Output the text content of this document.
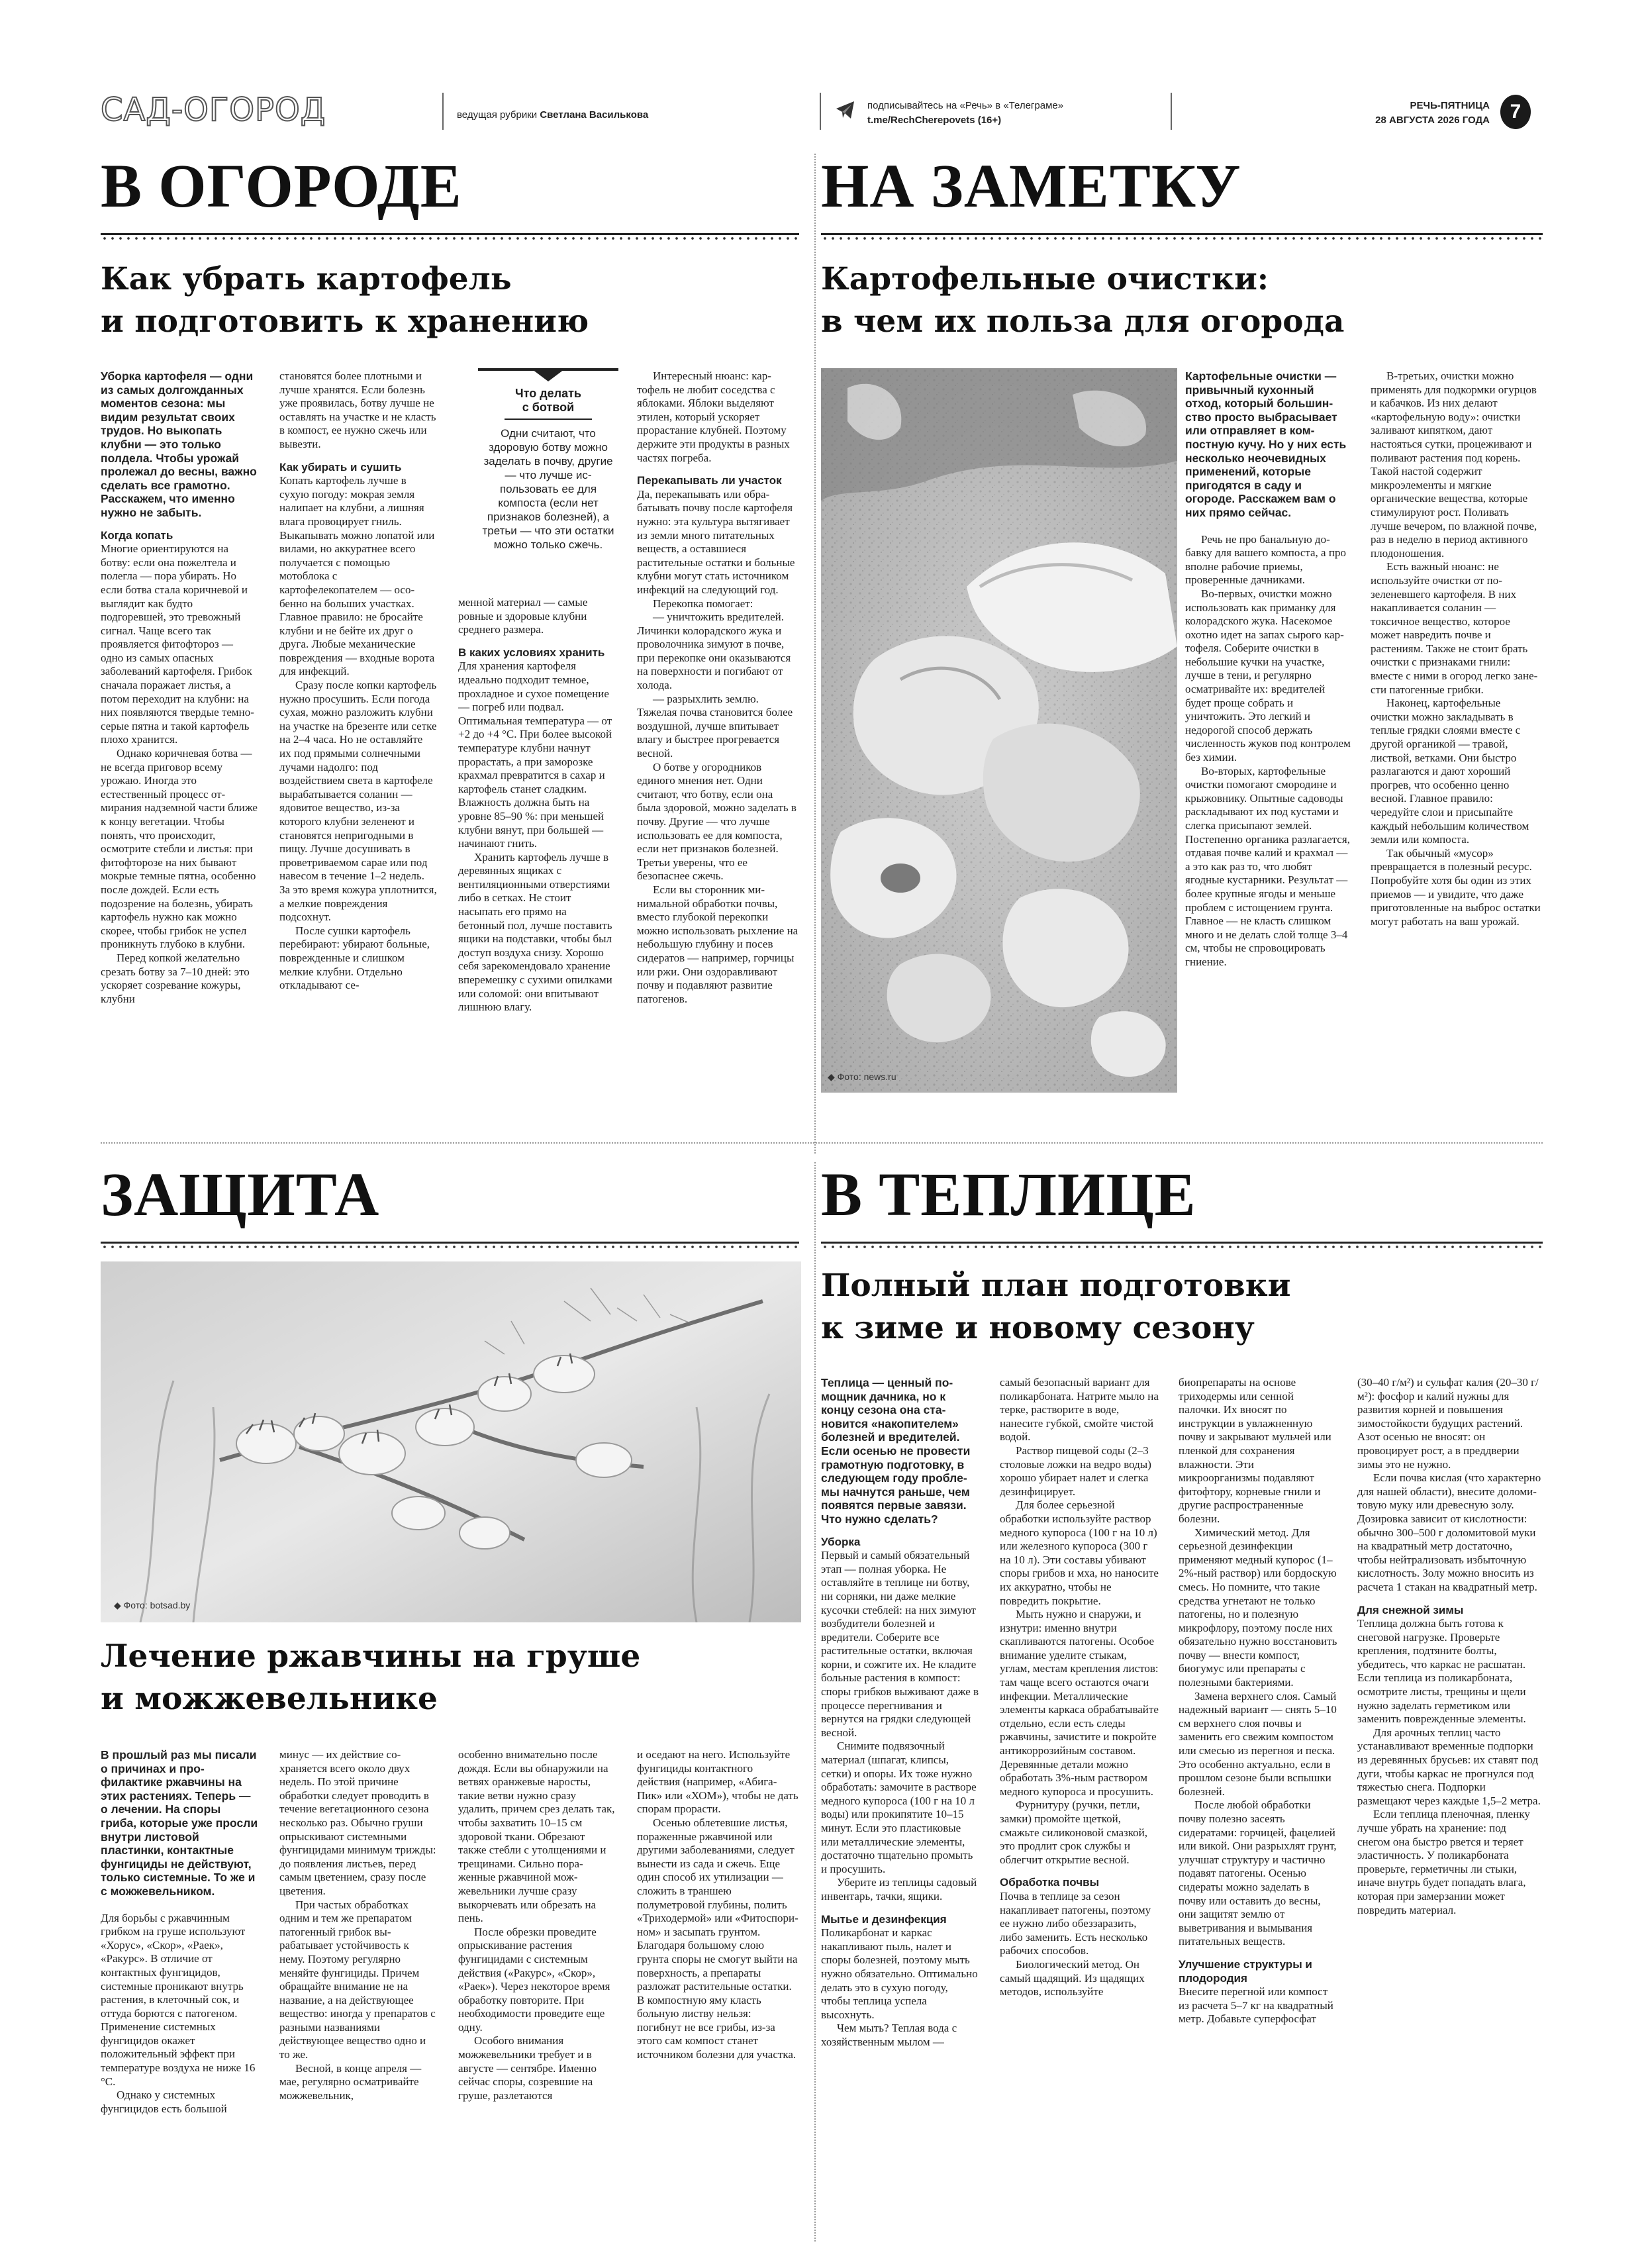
САД-ОГОРОД	ведущая рубрики Светлана Василькова
подписывайтесь на «Речь» в «Телеграме»
t.me/RechCherepovets (16+)
РЕЧЬ-ПЯТНИЦА
28 АВГУСТА 2026 ГОДА	7
В ОГОРОДЕ
Как убрать картофель
и подготовить к хранению

Уборка картофеля — одни из самых долгожданных моментов сезона: мы видим результат своих трудов. Но выкопать клубни — это только полдела. Чтобы урожай пролежал до весны, важно сделать все грамотно. Расскажем, что именно нужно не забыть.

Когда копать

Многие ориентируются на ботву: если она пожелтела и полегла — пора убирать. Но если ботва стала коричневой и выглядит как будто подгоревшей, это тревожный сигнал. Чаще всего так проявляется фитофтороз — одно из самых опасных заболеваний картофеля. Грибок сначала поражает листья, а потом переходит на клубни: на них появляются твердые темно-серые пятна и такой картофель плохо хранится.

Однако коричневая ботва — не всегда приговор всему урожаю. Иногда это естественный процесс отмирания надземной части ближе к концу вегетации. Чтобы понять, что происходит, осмотрите стебли и листья: при фитофторозе на них бывают мокрые темные пятна, особенно после дождей. Если есть подозрение на болезнь, убирать картофель нужно как можно скорее, чтобы грибок не успел проникнуть глубоко в клубни.

Перед копкой желательно срезать ботву за 7–10 дней: это ускоряет созревание кожуры, клубни

становятся более плотными и лучше хранятся. Если болезнь уже проявилась, ботву лучше не оставлять на участке и не класть в компост, ее нужно сжечь или вывезти.

Как убирать и сушить

Копать картофель лучше в сухую погоду: мокрая земля налипает на клубни, а лишняя влага провоцирует гниль. Выкапывать можно лопатой или вилами, но аккуратнее всего получается с помощью мотоблока с картофелекопателем — особенно на больших участках. Главное правило: не бросайте клубни и не бейте их друг о друга. Любые механические повреждения — входные ворота для инфекций.

Сразу после копки картофель нужно просушить. Если погода сухая, можно разложить клубни на участке на брезенте или сетке на 2–4 часа. Но не оставляйте их под прямыми солнечными лучами надолго: под воздействием света в картофеле вырабатывается соланин — ядовитое вещество, из-за которого клубни зеленеют и становятся непригодными в пищу. Лучше досушивать в проветриваемом сарае или под навесом в течение 1–2 недель. За это время кожура уплотнится, а мелкие повреждения подсохнут.

После сушки картофель перебирают: убирают больные, поврежденные и слишком мелкие клубни. Отдельно откладывают се-

Что делать
с ботвой
Одни считают, что здоровую ботву можно заделать в почву, другие — что лучше использовать ее для компоста (если нет признаков болезней), а третьи — что эти остатки можно только сжечь.

менной материал — самые ровные и здоровые клубни среднего размера.

В каких условиях хранить

Для хранения картофеля идеально подходит темное, прохладное и сухое помещение — погреб или подвал. Оптимальная температура — от +2 до +4 °С. При более высокой температуре клубни начнут прорастать, а при заморозке крахмал превратится в сахар и картофель станет сладким. Влажность должна быть на уровне 85–90 %: при меньшей клубни вянут, при большей — начинают гнить.

Хранить картофель лучше в деревянных ящиках с вентиляционными отверстиями либо в сетках. Не стоит насыпать его прямо на бетонный пол, лучше поставить ящики на подставки, чтобы был доступ воздуха снизу. Хорошо себя зарекомендовало хранение вперемешку с сухими опилками или соломой: они впитывают лишнюю влагу.

Интересный нюанс: картофель не любит соседства с яблоками. Яблоки выделяют этилен, который ускоряет прорастание клубней. Поэтому держите эти продукты в разных частях погреба.

Перекапывать ли участок

Да, перекапывать или обрабатывать почву после картофеля нужно: эта культура вытягивает из земли много питательных веществ, а оставшиеся растительные остатки и больные клубни могут стать источником инфекций на следующий год.

Перекопка помогает:

— уничтожить вредителей. Личинки колорадского жука и проволочника зимуют в почве, при перекопке они оказываются на поверхности и погибают от холода.

— разрыхлить землю. Тяжелая почва становится более воздушной, лучше впитывает влагу и быстрее прогревается весной.

О ботве у огородников единого мнения нет. Одни считают, что ботву, если она была здоровой, можно заделать в почву. Другие — что лучше использовать ее для компоста, если нет признаков болезней. Третьи уверены, что ее безопаснее сжечь.

Если вы сторонник минимальной обработки почвы, вместо глубокой перекопки можно использовать рыхление на небольшую глубину и посев сидератов — например, горчицы или ржи. Они оздоравливают почву и подавляют развитие патогенов.

НА ЗАМЕТКУ
Картофельные очистки:
в чем их польза для огорода
◆ Фото: news.ru

Картофельные очистки — привычный кухонный отход, который большинство просто выбрасывает или отправляет в компостную кучу. Но у них есть несколько неочевидных применений, которые пригодятся в саду и огороде. Расскажем вам о них прямо сейчас.

Речь не про банальную добавку для вашего компоста, а про вполне рабочие приемы, проверенные дачниками.

Во-первых, очистки можно использовать как приманку для колорадского жука. Насекомое охотно идет на запах сырого картофеля. Соберите очистки в небольшие кучки на участке, лучше в тени, и регулярно осматривайте их: вредителей будет проще собрать и уничтожить. Это легкий и недорогой способ держать численность жуков под контролем без химии.

Во-вторых, картофельные очистки помогают смородине и крыжовнику. Опытные садоводы раскладывают их под кустами и слегка присыпают землей. Постепенно органика разлагается, отдавая почве калий и крахмал — а это как раз то, что любят ягодные кустарники. Результат — более крупные ягоды и меньше проблем с истощением грунта. Главное — не класть слишком много и не делать слой толще 3–4 см, чтобы не спровоцировать гниение.

В-третьих, очистки можно применять для подкормки огурцов и кабачков. Из них делают «картофельную воду»: очистки заливают кипятком, дают настояться сутки, процеживают и поливают растения под корень. Такой настой содержит микроэлементы и мягкие органические вещества, которые стимулируют рост. Поливать лучше вечером, по влажной почве, раз в неделю в период активного плодоношения.

Есть важный нюанс: не используйте очистки от позеленевшего картофеля. В них накапливается соланин — токсичное вещество, которое может навредить почве и растениям. Также не стоит брать очистки с признаками гнили: вместе с ними в огород легко занести патогенные грибки.

Наконец, картофельные очистки можно закладывать в теплые грядки слоями вместе с другой органикой — травой, листвой, ветками. Они быстро разлагаются и дают хороший прогрев, что особенно ценно весной. Главное правило: чередуйте слои и присыпайте каждый небольшим количеством земли или компоста.

Так обычный «мусор» превращается в полезный ресурс. Попробуйте хотя бы один из этих приемов — и увидите, что даже приготовленные на выброс остатки могут работать на ваш урожай.

ЗАЩИТА
◆ Фото: botsad.by
Лечение ржавчины на груше
и можжевельнике

В прошлый раз мы писали о причинах и профилактике ржавчины на этих растениях. Теперь — о лечении. На споры гриба, которые уже просли внутри листовой пластинки, контактные фунгициды не действуют, только системные. То же и с можжевельником.

Для борьбы с ржавчинным грибком на груше используют «Хорус», «Скор», «Раек», «Ракурс». В отличие от контактных фунгицидов, системные проникают внутрь растения, в клеточный сок, и оттуда борются с патогеном. Применение системных фунгицидов окажет положительный эффект при температуре воздуха не ниже 16 °С.

Однако у системных фунгицидов есть большой

минус — их действие сохраняется всего около двух недель. По этой причине обработки следует проводить в течение вегетационного сезона несколько раз. Обычно груши опрыскивают системными фунгицидами минимум трижды: до появления листьев, перед самым цветением, сразу после цветения.

При частых обработках одним и тем же препаратом патогенный грибок вырабатывает устойчивость к нему. Поэтому регулярно меняйте фунгициды. Причем обращайте внимание не на название, а на действующее вещество: иногда у препаратов с разными названиями действующее вещество одно и то же.

Весной, в конце апреля — мае, регулярно осматривайте можжевельник,

особенно внимательно после дождя. Если вы обнаружили на ветвях оранжевые наросты, такие ветви нужно сразу удалить, причем срез делать так, чтобы захватить 10–15 см здоровой ткани. Обрезают также стебли с утолщениями и трещинами. Сильно пораженные ржавчиной можжевельники лучше сразу выкорчевать или обрезать на пень.

После обрезки проведите опрыскивание растения фунгицидами с системным действия («Ракурс», «Скор», «Раек»). Через некоторое время обработку повторите. При необходимости проведите еще одну.

Особого внимания можжевельники требует и в августе — сентябре. Именно сейчас споры, созревшие на груше, разлетаются

и оседают на него. Используйте фунгициды контактного действия (например, «Абига-Пик» или «ХОМ»), чтобы не дать спорам прорасти.

Осенью облетевшие листья, пораженные ржавчиной или другими заболеваниями, следует вынести из сада и сжечь. Еще один способ их утилизации — сложить в траншею полуметровой глубины, полить «Триходермой» или «Фитоспорином» и засыпать грунтом. Благодаря большому слою грунта споры не смогут выйти на поверхность, а препараты разложат растительные остатки. В компостную яму класть больную листву нельзя: погибнут не все грибы, из-за этого сам компост станет источником болезни для участка.

В ТЕПЛИЦЕ
Полный план подготовки
к зиме и новому сезону

Теплица — ценный помощник дачника, но к концу сезона она становится «накопителем» болезней и вредителей. Если осенью не провести грамотную подготовку, в следующем году проблемы начнутся раньше, чем появятся первые завязи. Что нужно сделать?

Уборка

Первый и самый обязательный этап — полная уборка. Не оставляйте в теплице ни ботву, ни сорняки, ни даже мелкие кусочки стеблей: на них зимуют возбудители болезней и вредители. Соберите все растительные остатки, включая корни, и сожгите их. Не кладите больные растения в компост: споры грибков выживают даже в процессе перегнивания и вернутся на грядки следующей весной.

Снимите подвязочный материал (шпагат, клипсы, сетки) и опоры. Их тоже нужно обработать: замочите в растворе медного купороса (100 г на 10 л воды) или прокипятите 10–15 минут. Если это пластиковые или металлические элементы, достаточно тщательно промыть и просушить.

Уберите из теплицы садовый инвентарь, тачки, ящики.

Мытье и дезинфекция

Поликарбонат и каркас накапливают пыль, налет и споры болезней, поэтому мыть нужно обязательно. Оптимально делать это в сухую погоду, чтобы теплица успела высохнуть.

Чем мыть? Теплая вода с хозяйственным мылом —

самый безопасный вариант для поликарбоната. Натрите мыло на терке, растворите в воде, нанесите губкой, смойте чистой водой.

Раствор пищевой соды (2–3 столовые ложки на ведро воды) хорошо убирает налет и слегка дезинфицирует.

Для более серьезной обработки используйте раствор медного купороса (100 г на 10 л) или железного купороса (300 г на 10 л). Эти составы убивают споры грибов и мха, но наносите их аккуратно, чтобы не повредить покрытие.

Мыть нужно и снаружи, и изнутри: именно внутри скапливаются патогены. Особое внимание уделите стыкам, углам, местам крепления листов: там чаще всего остаются очаги инфекции. Металлические элементы каркаса обрабатывайте отдельно, если есть следы ржавчины, зачистите и покройте антикоррозийным составом. Деревянные детали можно обработать 3%-ным раствором медного купороса и просушить.

Фурнитуру (ручки, петли, замки) промойте щеткой, смажьте силиконовой смазкой, это продлит срок службы и облегчит открытие весной.

Обработка почвы

Почва в теплице за сезон накапливает патогены, поэтому ее нужно либо обеззаразить, либо заменить. Есть несколько рабочих способов.

Биологический метод. Он самый щадящий. Из щадящих методов, используйте

биопрепараты на основе триходермы или сенной палочки. Их вносят по инструкции в увлажненную почву и закрывают мульчей или пленкой для сохранения влажности. Эти микроорганизмы подавляют фитофтору, корневые гнили и другие распространенные болезни.

Химический метод. Для серьезной дезинфекции применяют медный купорос (1–2%-ный раствор) или бордоскую смесь. Но помните, что такие средства угнетают не только патогены, но и полезную микрофлору, поэтому после них обязательно нужно восстановить почву — внести компост, биогумус или препараты с полезными бактериями.

Замена верхнего слоя. Самый надежный вариант — снять 5–10 см верхнего слоя почвы и заменить его свежим компостом или смесью из перегноя и песка. Это особенно актуально, если в прошлом сезоне были вспышки болезней.

После любой обработки почву полезно засеять сидератами: горчицей, фацелией или викой. Они разрыхлят грунт, улучшат структуру и частично подавят патогены. Осенью сидераты можно заделать в почву или оставить до весны, они защитят землю от выветривания и вымывания питательных веществ.

Улучшение структуры и плодородия

Внесите перегной или компост из расчета 5–7 кг на квадратный метр. Добавьте суперфосфат

(30–40 г/м²) и сульфат калия (20–30 г/м²): фосфор и калий нужны для развития корней и повышения зимостойкости будущих растений. Азот осенью не вносят: он провоцирует рост, а в преддверии зимы это не нужно.

Если почва кислая (что характерно для нашей области), внесите доломитовую муку или древесную золу. Дозировка зависит от кислотности: обычно 300–500 г доломитовой муки на квадратный метр достаточно, чтобы нейтрализовать избыточную кислотность. Золу можно вносить из расчета 1 стакан на квадратный метр.

Для снежной зимы

Теплица должна быть готова к снеговой нагрузке. Проверьте крепления, подтяните болты, убедитесь, что каркас не расшатан. Если теплица из поликарбоната, осмотрите листы, трещины и щели нужно заделать герметиком или заменить поврежденные элементы.

Для арочных теплиц часто устанавливают временные подпорки из деревянных брусьев: их ставят под дуги, чтобы каркас не прогнулся под тяжестью снега. Подпорки размещают через каждые 1,5–2 метра.

Если теплица пленочная, пленку лучше убрать на хранение: под снегом она быстро рвется и теряет эластичность. У поликарбоната проверьте, герметичны ли стыки, иначе внутрь будет попадать влага, которая при замерзании может повредить материал.
